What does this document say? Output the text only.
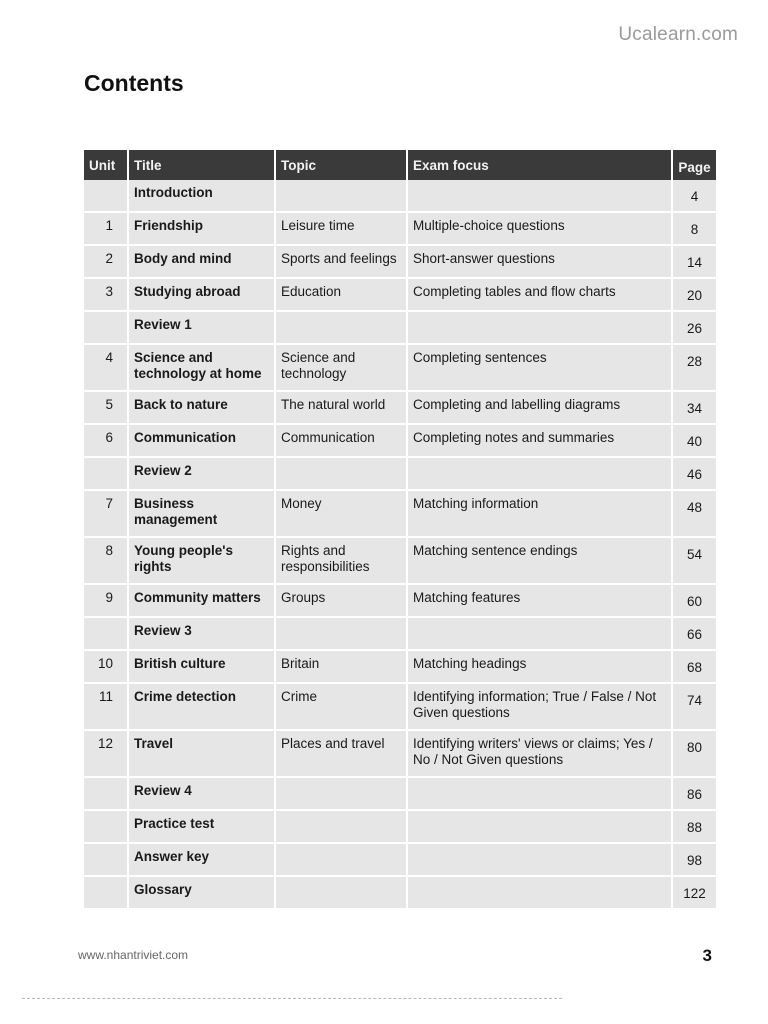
Ucalearn.com
Contents
Unit	Title	Topic	Exam focus	Page
	Introduction			4
1	Friendship	Leisure time	Multiple-choice questions	8
2	Body and mind	Sports and feelings	Short-answer questions	14
3	Studying abroad	Education	Completing tables and flow charts	20
	Review 1			26
4	Science and technology at home	Science and technology	Completing sentences	28
5	Back to nature	The natural world	Completing and labelling diagrams	34
6	Communication	Communication	Completing notes and summaries	40
	Review 2			46
7	Business management	Money	Matching information	48
8	Young people's rights	Rights and responsibilities	Matching sentence endings	54
9	Community matters	Groups	Matching features	60
	Review 3			66
10	British culture	Britain	Matching headings	68
11	Crime detection	Crime	Identifying information; True / False / Not Given questions	74
12	Travel	Places and travel	Identifying writers' views or claims; Yes / No / Not Given questions	80
	Review 4			86
	Practice test			88
	Answer key			98
	Glossary			122
www.nhantriviet.com	3
